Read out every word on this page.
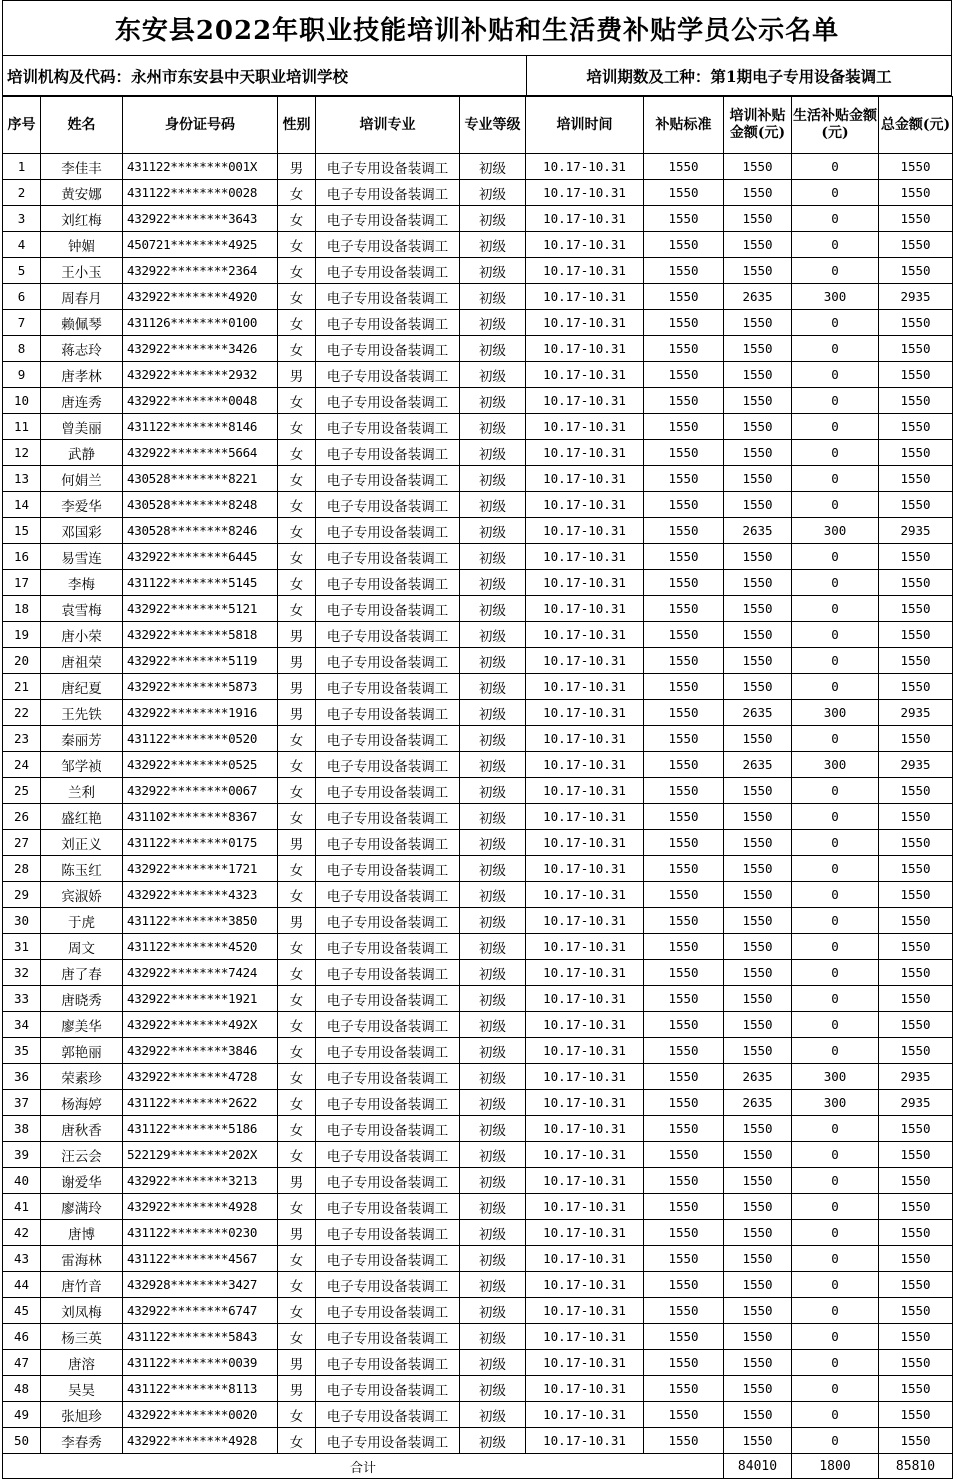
东安县2022年职业技能培训补贴和生活费补贴学员公示名单
培训机构及代码：永州市东安县中天职业培训学校	培训期数及工种：第1期电子专用设备装调工
序号	姓名	身份证号码	性别	培训专业	专业等级	培训时间	补贴标准	培训补贴金额(元)	生活补贴金额(元)	总金额(元)
1	李佳丰	431122********001X	男	电子专用设备装调工	初级	10.17-10.31	1550	1550	0	1550
2	黄安娜	431122********0028	女	电子专用设备装调工	初级	10.17-10.31	1550	1550	0	1550
3	刘红梅	432922********3643	女	电子专用设备装调工	初级	10.17-10.31	1550	1550	0	1550
4	钟媚	450721********4925	女	电子专用设备装调工	初级	10.17-10.31	1550	1550	0	1550
5	王小玉	432922********2364	女	电子专用设备装调工	初级	10.17-10.31	1550	1550	0	1550
6	周春月	432922********4920	女	电子专用设备装调工	初级	10.17-10.31	1550	2635	300	2935
7	赖佩琴	431126********0100	女	电子专用设备装调工	初级	10.17-10.31	1550	1550	0	1550
8	蒋志玲	432922********3426	女	电子专用设备装调工	初级	10.17-10.31	1550	1550	0	1550
9	唐孝林	432922********2932	男	电子专用设备装调工	初级	10.17-10.31	1550	1550	0	1550
10	唐连秀	432922********0048	女	电子专用设备装调工	初级	10.17-10.31	1550	1550	0	1550
11	曾美丽	431122********8146	女	电子专用设备装调工	初级	10.17-10.31	1550	1550	0	1550
12	武静	432922********5664	女	电子专用设备装调工	初级	10.17-10.31	1550	1550	0	1550
13	何娟兰	430528********8221	女	电子专用设备装调工	初级	10.17-10.31	1550	1550	0	1550
14	李爱华	430528********8248	女	电子专用设备装调工	初级	10.17-10.31	1550	1550	0	1550
15	邓国彩	430528********8246	女	电子专用设备装调工	初级	10.17-10.31	1550	2635	300	2935
16	易雪连	432922********6445	女	电子专用设备装调工	初级	10.17-10.31	1550	1550	0	1550
17	李梅	431122********5145	女	电子专用设备装调工	初级	10.17-10.31	1550	1550	0	1550
18	袁雪梅	432922********5121	女	电子专用设备装调工	初级	10.17-10.31	1550	1550	0	1550
19	唐小荣	432922********5818	男	电子专用设备装调工	初级	10.17-10.31	1550	1550	0	1550
20	唐祖荣	432922********5119	男	电子专用设备装调工	初级	10.17-10.31	1550	1550	0	1550
21	唐纪夏	432922********5873	男	电子专用设备装调工	初级	10.17-10.31	1550	1550	0	1550
22	王先铁	432922********1916	男	电子专用设备装调工	初级	10.17-10.31	1550	2635	300	2935
23	秦丽芳	431122********0520	女	电子专用设备装调工	初级	10.17-10.31	1550	1550	0	1550
24	邹学祯	432922********0525	女	电子专用设备装调工	初级	10.17-10.31	1550	2635	300	2935
25	兰利	432922********0067	女	电子专用设备装调工	初级	10.17-10.31	1550	1550	0	1550
26	盛红艳	431102********8367	女	电子专用设备装调工	初级	10.17-10.31	1550	1550	0	1550
27	刘正义	431122********0175	男	电子专用设备装调工	初级	10.17-10.31	1550	1550	0	1550
28	陈玉红	432922********1721	女	电子专用设备装调工	初级	10.17-10.31	1550	1550	0	1550
29	宾淑娇	432922********4323	女	电子专用设备装调工	初级	10.17-10.31	1550	1550	0	1550
30	于虎	431122********3850	男	电子专用设备装调工	初级	10.17-10.31	1550	1550	0	1550
31	周文	431122********4520	女	电子专用设备装调工	初级	10.17-10.31	1550	1550	0	1550
32	唐了春	432922********7424	女	电子专用设备装调工	初级	10.17-10.31	1550	1550	0	1550
33	唐晓秀	432922********1921	女	电子专用设备装调工	初级	10.17-10.31	1550	1550	0	1550
34	廖美华	432922********492X	女	电子专用设备装调工	初级	10.17-10.31	1550	1550	0	1550
35	郭艳丽	432922********3846	女	电子专用设备装调工	初级	10.17-10.31	1550	1550	0	1550
36	荣素珍	432922********4728	女	电子专用设备装调工	初级	10.17-10.31	1550	2635	300	2935
37	杨海婷	431122********2622	女	电子专用设备装调工	初级	10.17-10.31	1550	2635	300	2935
38	唐秋香	431122********5186	女	电子专用设备装调工	初级	10.17-10.31	1550	1550	0	1550
39	汪云会	522129********202X	女	电子专用设备装调工	初级	10.17-10.31	1550	1550	0	1550
40	谢爱华	432922********3213	男	电子专用设备装调工	初级	10.17-10.31	1550	1550	0	1550
41	廖满玲	432922********4928	女	电子专用设备装调工	初级	10.17-10.31	1550	1550	0	1550
42	唐博	431122********0230	男	电子专用设备装调工	初级	10.17-10.31	1550	1550	0	1550
43	雷海林	431122********4567	女	电子专用设备装调工	初级	10.17-10.31	1550	1550	0	1550
44	唐竹音	432928********3427	女	电子专用设备装调工	初级	10.17-10.31	1550	1550	0	1550
45	刘凤梅	432922********6747	女	电子专用设备装调工	初级	10.17-10.31	1550	1550	0	1550
46	杨三英	431122********5843	女	电子专用设备装调工	初级	10.17-10.31	1550	1550	0	1550
47	唐溶	431122********0039	男	电子专用设备装调工	初级	10.17-10.31	1550	1550	0	1550
48	吴昊	431122********8113	男	电子专用设备装调工	初级	10.17-10.31	1550	1550	0	1550
49	张旭珍	432922********0020	女	电子专用设备装调工	初级	10.17-10.31	1550	1550	0	1550
50	李春秀	432922********4928	女	电子专用设备装调工	初级	10.17-10.31	1550	1550	0	1550
合计								84010	1800	85810
